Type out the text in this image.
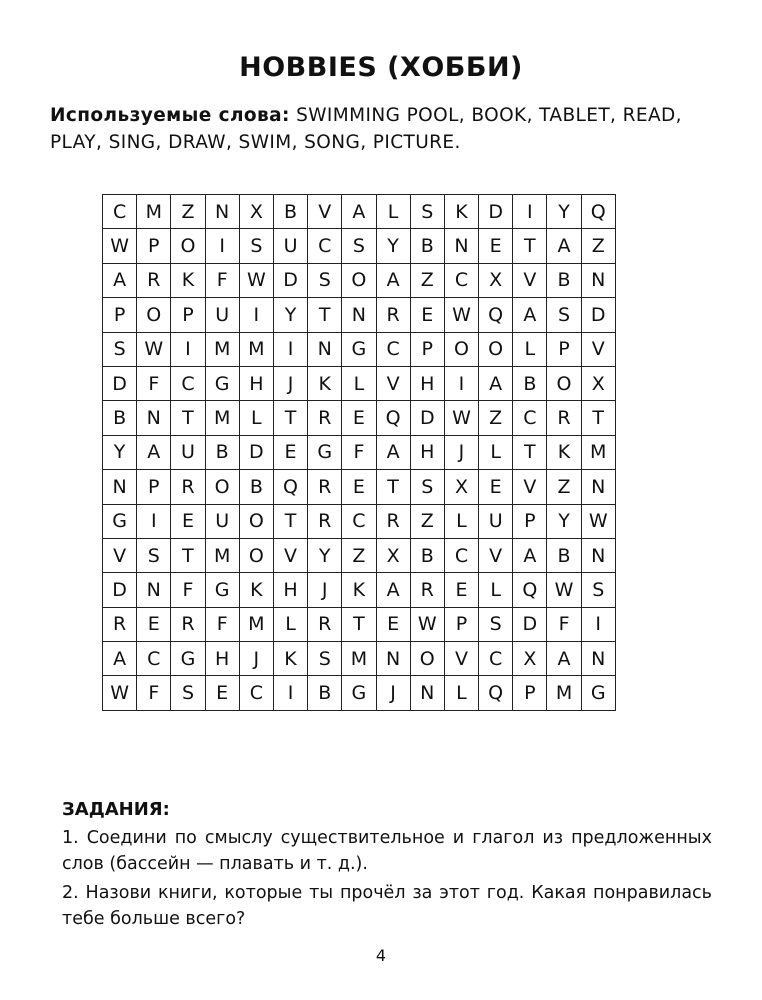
HOBBIES (ХОББИ)
Используемые слова: SWIMMING POOL, BOOK, TABLET, READ, PLAY, SING, DRAW, SWIM, SONG, PICTURE.
C	M	Z	N	X	B	V	A	L	S	K	D	I	Y	Q
W	P	O	I	S	U	C	S	Y	B	N	E	T	A	Z
A	R	K	F	W	D	S	O	A	Z	C	X	V	B	N
P	O	P	U	I	Y	T	N	R	E	W	Q	A	S	D
S	W	I	M	M	I	N	G	C	P	O	O	L	P	V
D	F	C	G	H	J	K	L	V	H	I	A	B	O	X
B	N	T	M	L	T	R	E	Q	D	W	Z	C	R	T
Y	A	U	B	D	E	G	F	A	H	J	L	T	K	M
N	P	R	O	B	Q	R	E	T	S	X	E	V	Z	N
G	I	E	U	O	T	R	C	R	Z	L	U	P	Y	W
V	S	T	M	O	V	Y	Z	X	B	C	V	A	B	N
D	N	F	G	K	H	J	K	A	R	E	L	Q	W	S
R	E	R	F	M	L	R	T	E	W	P	S	D	F	I
A	C	G	H	J	K	S	M	N	O	V	C	X	A	N
W	F	S	E	C	I	B	G	J	N	L	Q	P	M	G
ЗАДАНИЯ:
1. Соедини по смыслу существительное и глагол из предложенных слов (бассейн — плавать и т. д.).
2. Назови книги, которые ты прочёл за этот год. Какая понравилась тебе больше всего?
4
